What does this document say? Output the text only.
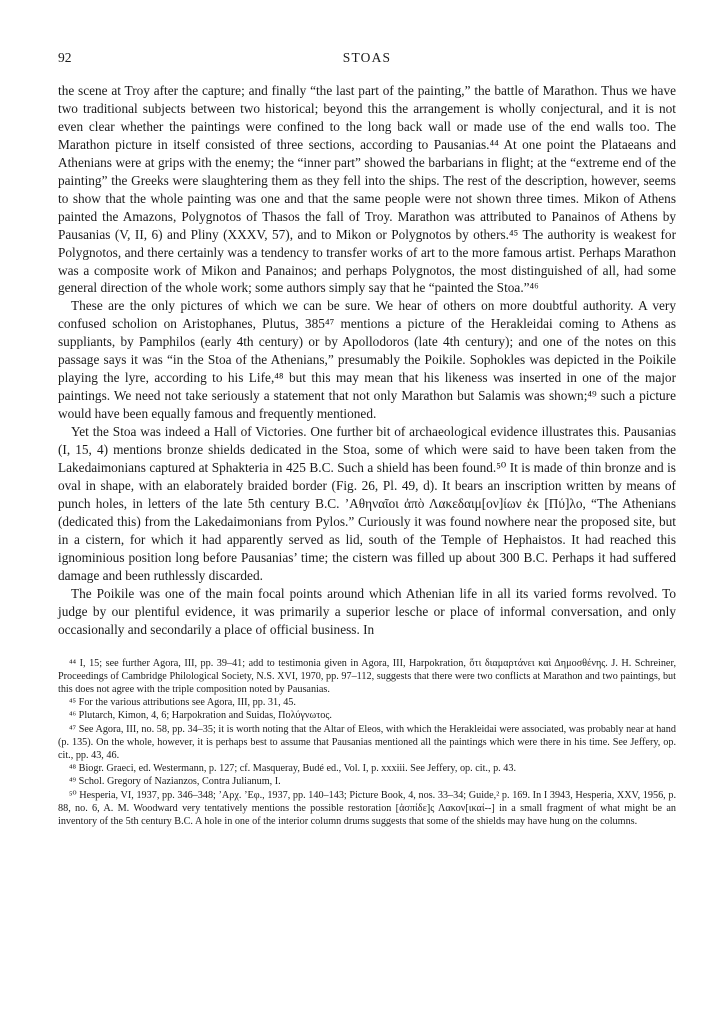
92	STOAS

the scene at Troy after the capture; and finally “the last part of the painting,” the battle of Marathon. Thus we have two traditional subjects between two historical; beyond this the arrangement is wholly conjectural, and it is not even clear whether the paintings were confined to the long back wall or made use of the end walls too. The Marathon picture in itself consisted of three sections, according to Pausanias.⁴⁴ At one point the Plataeans and Athenians were at grips with the enemy; the “inner part” showed the barbarians in flight; at the “extreme end of the painting” the Greeks were slaughtering them as they fell into the ships. The rest of the description, however, seems to show that the whole painting was one and that the same people were not shown three times. Mikon of Athens painted the Amazons, Polygnotos of Thasos the fall of Troy. Marathon was attributed to Panainos of Athens by Pausanias (V, II, 6) and Pliny (XXXV, 57), and to Mikon or Polygnotos by others.⁴⁵ The authority is weakest for Polygnotos, and there certainly was a tendency to transfer works of art to the more famous artist. Perhaps Marathon was a composite work of Mikon and Panainos; and perhaps Polygnotos, the most distinguished of all, had some general direction of the whole work; some authors simply say that he “painted the Stoa.”⁴⁶

These are the only pictures of which we can be sure. We hear of others on more doubtful authority. A very confused scholion on Aristophanes, Plutus, 385⁴⁷ mentions a picture of the Herakleidai coming to Athens as suppliants, by Pamphilos (early 4th century) or by Apollodoros (late 4th century); and one of the notes on this passage says it was “in the Stoa of the Athenians,” presumably the Poikile. Sophokles was depicted in the Poikile playing the lyre, according to his Life,⁴⁸ but this may mean that his likeness was inserted in one of the major paintings. We need not take seriously a statement that not only Marathon but Salamis was shown;⁴⁹ such a picture would have been equally famous and frequently mentioned.

Yet the Stoa was indeed a Hall of Victories. One further bit of archaeological evidence illustrates this. Pausanias (I, 15, 4) mentions bronze shields dedicated in the Stoa, some of which were said to have been taken from the Lakedaimonians captured at Sphakteria in 425 B.C. Such a shield has been found.⁵⁰ It is made of thin bronze and is oval in shape, with an elaborately braided border (Fig. 26, Pl. 49, d). It bears an inscription written by means of punch holes, in letters of the late 5th century B.C. ’Αθηναῖοι ἀπὸ Λακεδαιμ[ον]ίων ἐκ [Πύ]λο, “The Athenians (dedicated this) from the Lakedaimonians from Pylos.” Curiously it was found nowhere near the proposed site, but in a cistern, for which it had apparently served as lid, south of the Temple of Hephaistos. It had reached this ignominious position long before Pausanias’ time; the cistern was filled up about 300 B.C. Perhaps it had suffered damage and been ruthlessly discarded.

The Poikile was one of the main focal points around which Athenian life in all its varied forms revolved. To judge by our plentiful evidence, it was primarily a superior lesche or place of informal conversation, and only occasionally and secondarily a place of official business. In

⁴⁴ I, 15; see further Agora, III, pp. 39–41; add to testimonia given in Agora, III, Harpokration, ὅτι διαμαρτάνει καὶ Δημοσθένης. J. H. Schreiner, Proceedings of Cambridge Philological Society, N.S. XVI, 1970, pp. 97–112, suggests that there were two conflicts at Marathon and two paintings, but this does not agree with the triple composition noted by Pausanias.

⁴⁵ For the various attributions see Agora, III, pp. 31, 45.

⁴⁶ Plutarch, Kimon, 4, 6; Harpokration and Suidas, Πολύγνωτος.

⁴⁷ See Agora, III, no. 58, pp. 34–35; it is worth noting that the Altar of Eleos, with which the Herakleidai were associated, was probably near at hand (p. 135). On the whole, however, it is perhaps best to assume that Pausanias mentioned all the paintings which were there in his time. See Jeffery, op. cit., pp. 43, 46.

⁴⁸ Biogr. Graeci, ed. Westermann, p. 127; cf. Masqueray, Budé ed., Vol. I, p. xxxiii. See Jeffery, op. cit., p. 43.

⁴⁹ Schol. Gregory of Nazianzos, Contra Julianum, I.

⁵⁰ Hesperia, VI, 1937, pp. 346–348; ’Αρχ. ’Εφ., 1937, pp. 140–143; Picture Book, 4, nos. 33–34; Guide,² p. 169. In I 3943, Hesperia, XXV, 1956, p. 88, no. 6, A. M. Woodward very tentatively mentions the possible restoration [ἀσπίδε]ς Λακον[ικαί--] in a small fragment of what might be an inventory of the 5th century B.C. A hole in one of the interior column drums suggests that some of the shields may have hung on the columns.
